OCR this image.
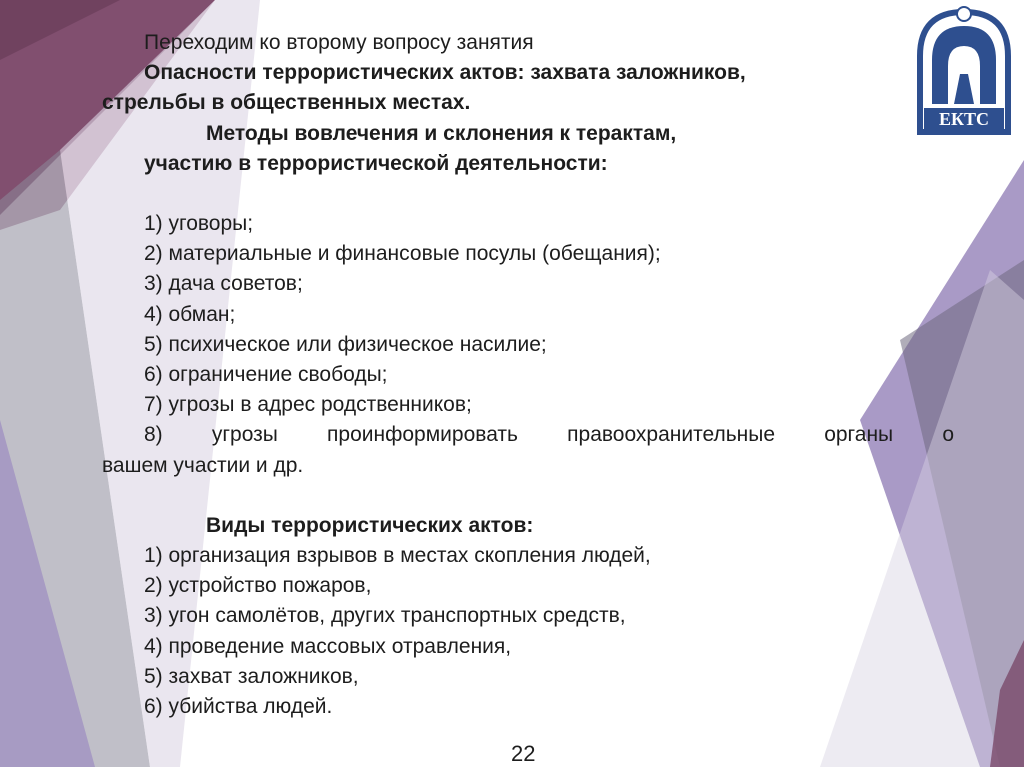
ЕКТС
Переходим ко второму вопросу занятия
Опасности террористических актов: захвата заложников,
стрельбы в общественных местах.
Методы вовлечения и склонения к терактам,
участию в террористической деятельности:
1) уговоры;
2) материальные и финансовые посулы (обещания);
3) дача советов;
4) обман;
5) психическое или физическое насилие;
6) ограничение свободы;
7) угрозы в адрес родственников;
8) угрозы проинформировать правоохранительные органы о
вашем участии и др.
Виды террористических актов:
1) организация взрывов в местах скопления людей,
2) устройство пожаров,
3) угон самолётов, других транспортных средств,
4) проведение массовых отравления,
5) захват заложников,
6) убийства людей.
22
